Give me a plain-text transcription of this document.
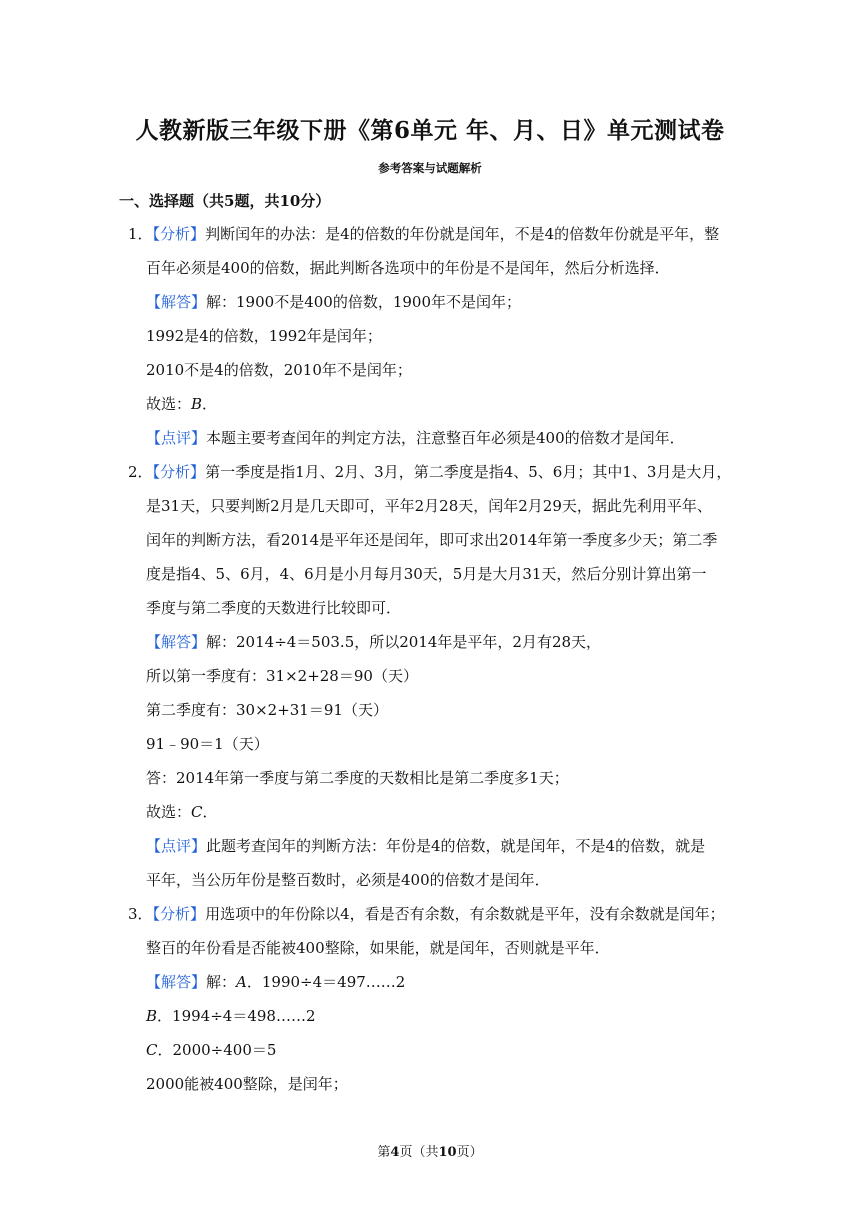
人教新版三年级下册《第6单元 年、月、日》单元测试卷
参考答案与试题解析
一、选择题（共5题，共10分）
1．【分析】判断闰年的办法：是4的倍数的年份就是闰年，不是4的倍数年份就是平年，整
百年必须是400的倍数，据此判断各选项中的年份是不是闰年，然后分析选择．
【解答】解：1900不是400的倍数，1900年不是闰年；
1992是4的倍数，1992年是闰年；
2010不是4的倍数，2010年不是闰年；
故选：B．
【点评】本题主要考查闰年的判定方法，注意整百年必须是400的倍数才是闰年．
2．【分析】第一季度是指1月、2月、3月，第二季度是指4、5、6月；其中1、3月是大月，
是31天，只要判断2月是几天即可，平年2月28天，闰年2月29天，据此先利用平年、
闰年的判断方法，看2014是平年还是闰年，即可求出2014年第一季度多少天；第二季
度是指4、5、6月，4、6月是小月每月30天，5月是大月31天，然后分别计算出第一
季度与第二季度的天数进行比较即可．
【解答】解：2014÷4＝503.5，所以2014年是平年，2月有28天，
所以第一季度有：31×2+28＝90（天）
第二季度有：30×2+31＝91（天）
91﹣90＝1（天）
答：2014年第一季度与第二季度的天数相比是第二季度多1天；
故选：C．
【点评】此题考查闰年的判断方法：年份是4的倍数，就是闰年，不是4的倍数，就是
平年，当公历年份是整百数时，必须是400的倍数才是闰年．
3．【分析】用选项中的年份除以4，看是否有余数，有余数就是平年，没有余数就是闰年；
整百的年份看是否能被400整除，如果能，就是闰年，否则就是平年．
【解答】解：A．1990÷4＝497……2
B．1994÷4＝498……2
C．2000÷400＝5
2000能被400整除，是闰年；
第4页（共10页）
